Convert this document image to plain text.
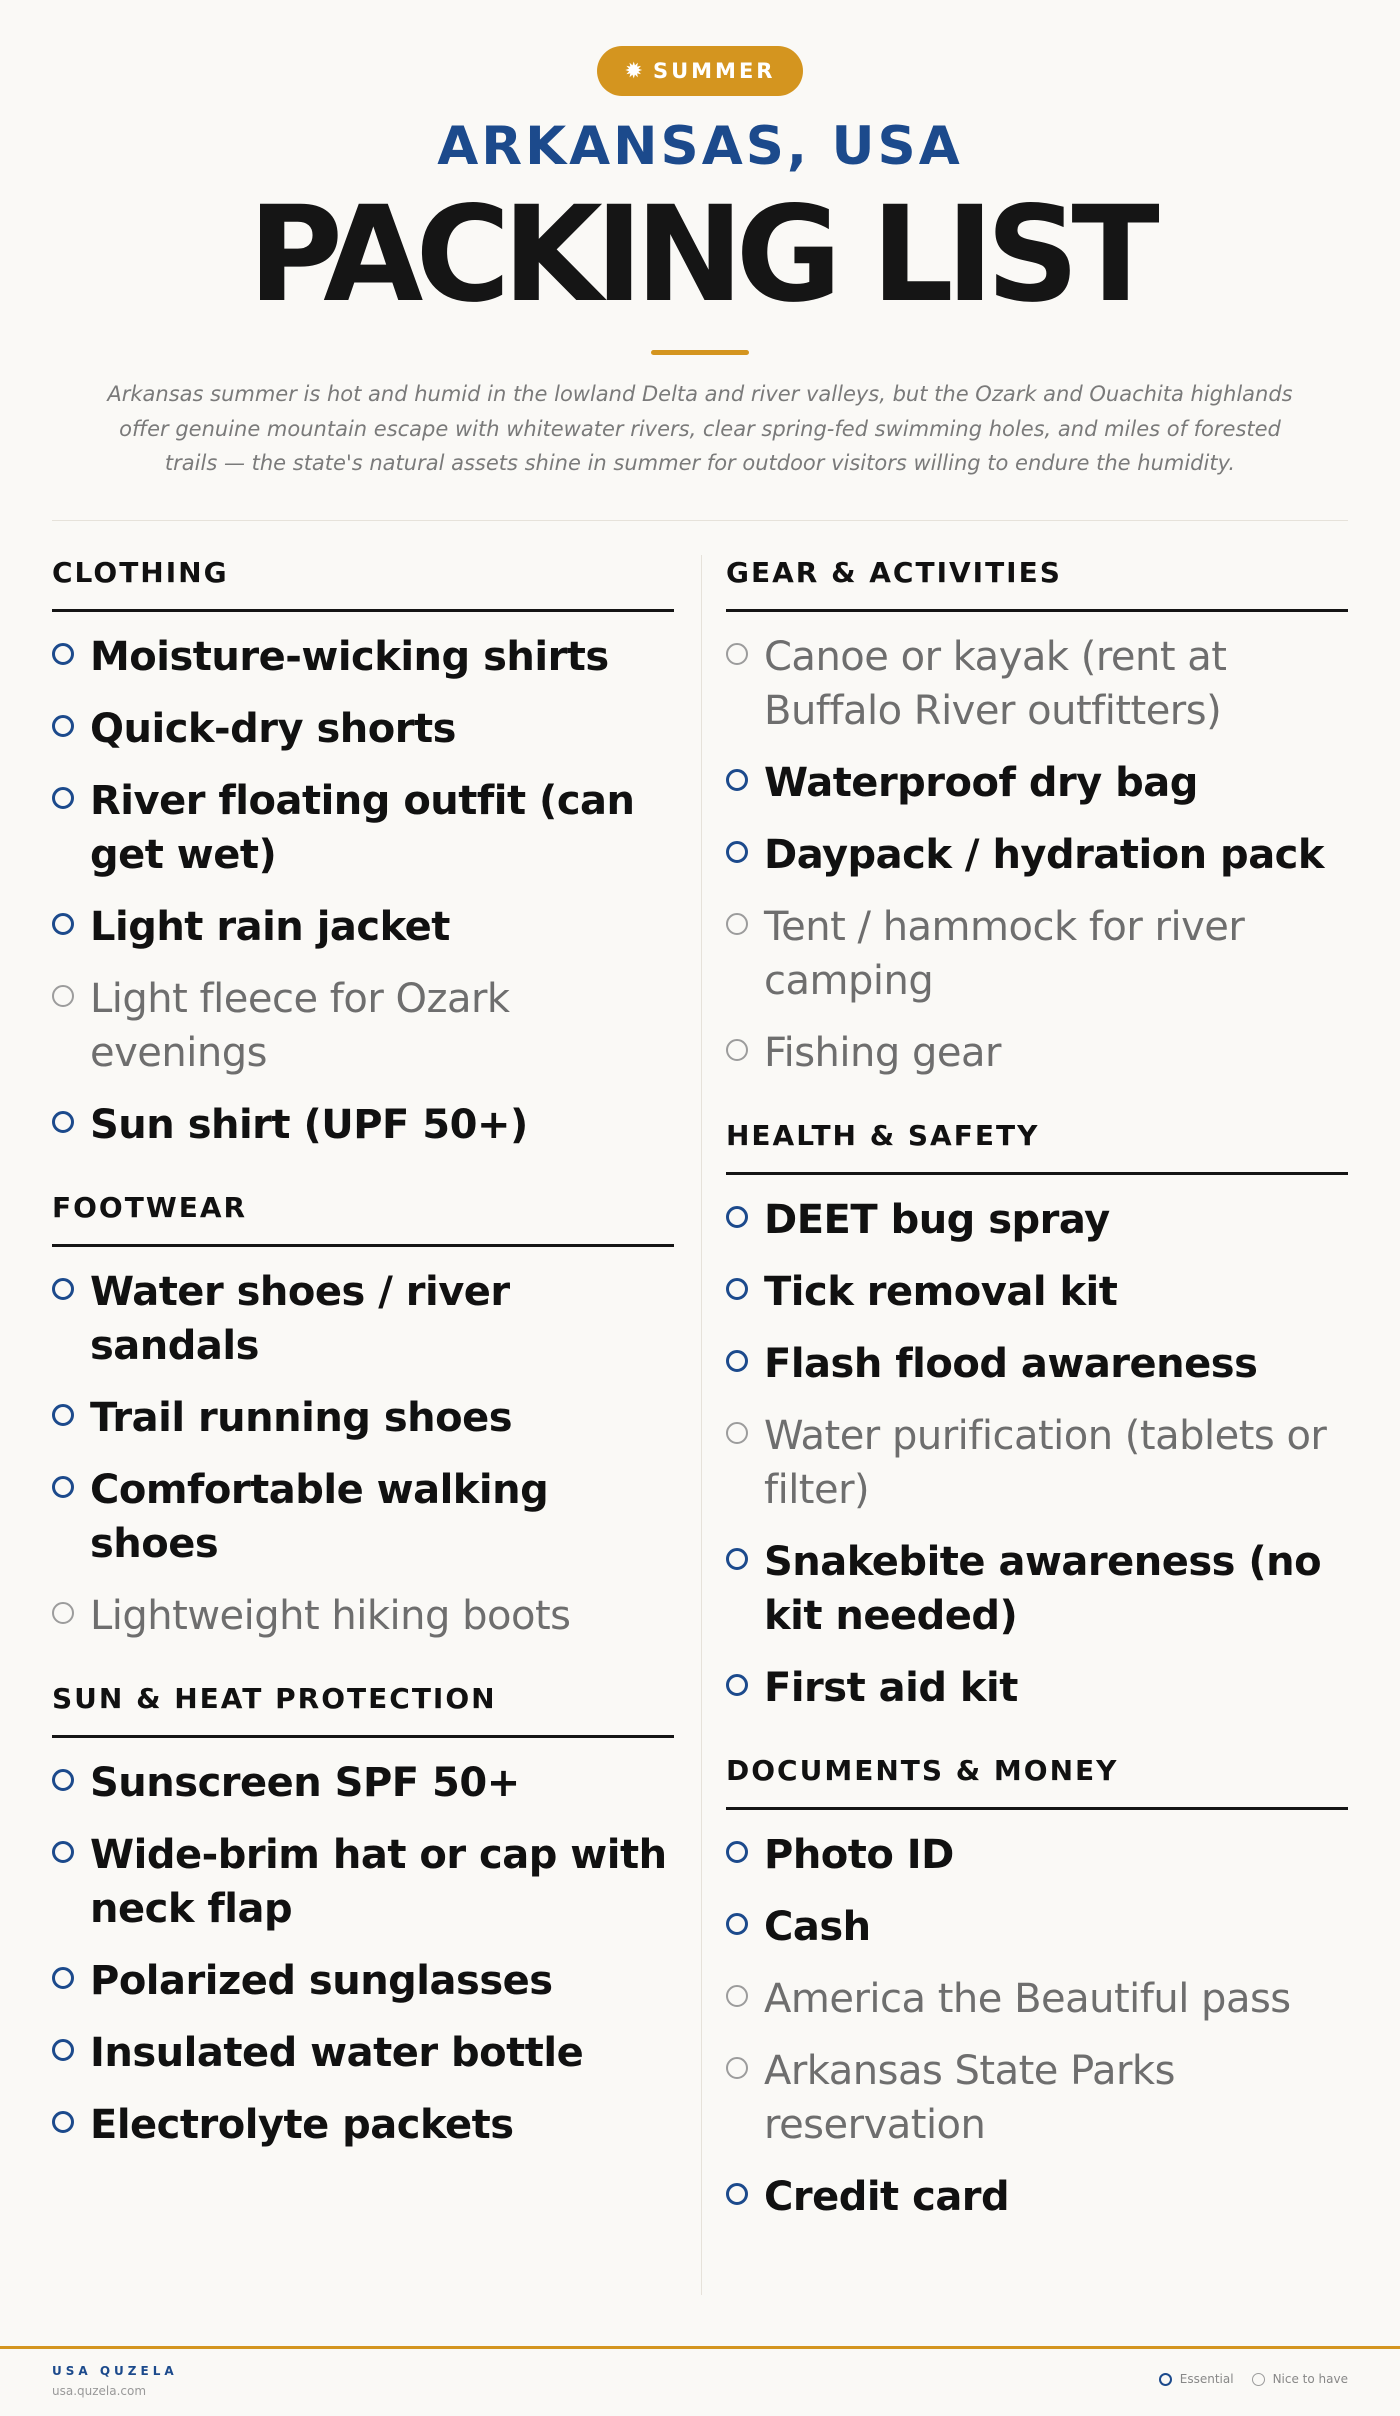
✹ SUMMER
ARKANSAS, USA
PACKING LIST

Arkansas summer is hot and humid in the lowland Delta and river valleys, but the Ozark and Ouachita highlands offer genuine mountain escape with whitewater rivers, clear spring-fed swimming holes, and miles of forested trails — the state's natural assets shine in summer for outdoor visitors willing to endure the humidity.

CLOTHING
Moisture-wicking shirts
Quick-dry shorts
River floating outfit (can get wet)
Light rain jacket
Light fleece for Ozark evenings
Sun shirt (UPF 50+)
FOOTWEAR
Water shoes / river sandals
Trail running shoes
Comfortable walking shoes
Lightweight hiking boots
SUN & HEAT PROTECTION
Sunscreen SPF 50+
Wide-brim hat or cap with neck flap
Polarized sunglasses
Insulated water bottle
Electrolyte packets
GEAR & ACTIVITIES
Canoe or kayak (rent at Buffalo River outfitters)
Waterproof dry bag
Daypack / hydration pack
Tent / hammock for river camping
Fishing gear
HEALTH & SAFETY
DEET bug spray
Tick removal kit
Flash flood awareness
Water purification (tablets or filter)
Snakebite awareness (no kit needed)
First aid kit
DOCUMENTS & MONEY
Photo ID
Cash
America the Beautiful pass
Arkansas State Parks reservation
Credit card
USA QUZELA
usa.quzela.com
Essential	Nice to have
